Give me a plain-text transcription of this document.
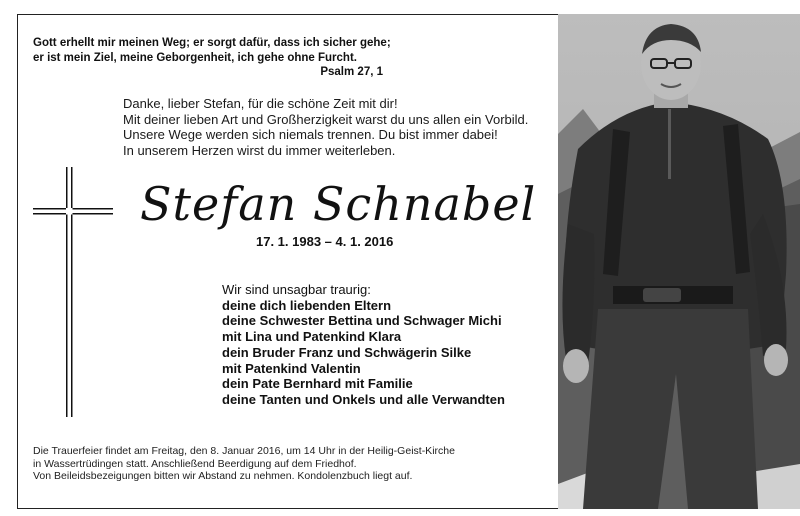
Gott erhellt mir meinen Weg; er sorgt dafür, dass ich sicher gehe;
er ist mein Ziel, meine Geborgenheit, ich gehe ohne Furcht.
Psalm 27, 1
Danke, lieber Stefan, für die schöne Zeit mit dir!
Mit deiner lieben Art und Großherzigkeit warst du uns allen ein Vorbild.
Unsere Wege werden sich niemals trennen. Du bist immer dabei!
In unserem Herzen wirst du immer weiterleben.
Stefan Schnabel
17. 1. 1983 – 4. 1. 2016
Wir sind unsagbar traurig:
deine dich liebenden Eltern
deine Schwester Bettina und Schwager Michi
mit Lina und Patenkind Klara
dein Bruder Franz und Schwägerin Silke
mit Patenkind Valentin
dein Pate Bernhard mit Familie
deine Tanten und Onkels und alle Verwandten
Die Trauerfeier findet am Freitag, den 8. Januar 2016, um 14 Uhr in der Heilig-Geist-Kirche
in Wassertrüdingen statt. Anschließend Beerdigung auf dem Friedhof.
Von Beileidsbezeigungen bitten wir Abstand zu nehmen. Kondolenzbuch liegt auf.
